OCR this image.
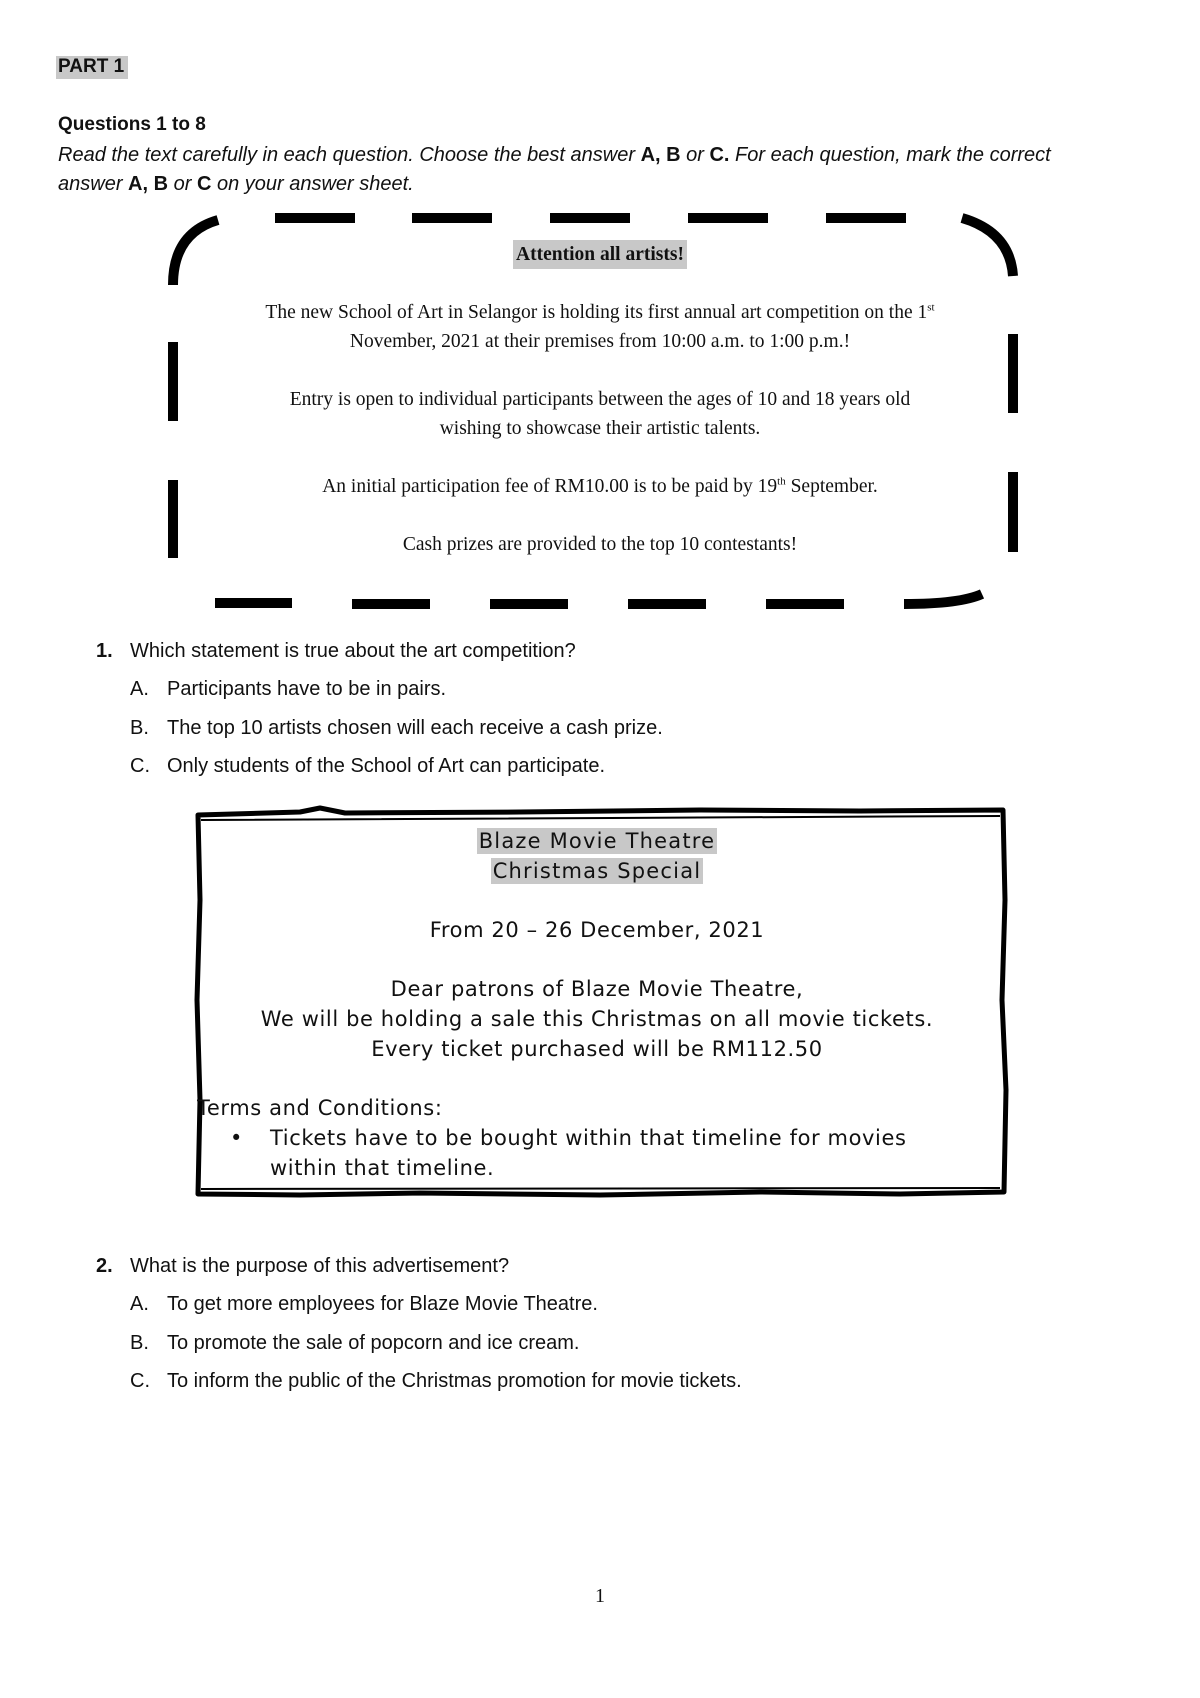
PART 1
Questions 1 to 8
Read the text carefully in each question. Choose the best answer A, B or C. For each question, mark the correct answer A, B or C on your answer sheet.

Attention all artists!

The new School of Art in Selangor is holding its first annual art competition on the 1st
November, 2021 at their premises from 10:00 a.m. to 1:00 p.m.!

Entry is open to individual participants between the ages of 10 and 18 years old wishing to showcase their artistic talents.

An initial participation fee of RM10.00 is to be paid by 19th September.

Cash prizes are provided to the top 10 contestants!

1. Which statement is true about the art competition?
A. Participants have to be in pairs.
B. The top 10 artists chosen will each receive a cash prize.
C. Only students of the School of Art can participate.

Blaze Movie Theatre

Christmas Special

From 20 – 26 December, 2021

Dear patrons of Blaze Movie Theatre,

We will be holding a sale this Christmas on all movie tickets.

Every ticket purchased will be RM112.50

Terms and Conditions:

•	Tickets have to be bought within that timeline for movies within that timeline.
2. What is the purpose of this advertisement?
A. To get more employees for Blaze Movie Theatre.
B. To promote the sale of popcorn and ice cream.
C. To inform the public of the Christmas promotion for movie tickets.
1
